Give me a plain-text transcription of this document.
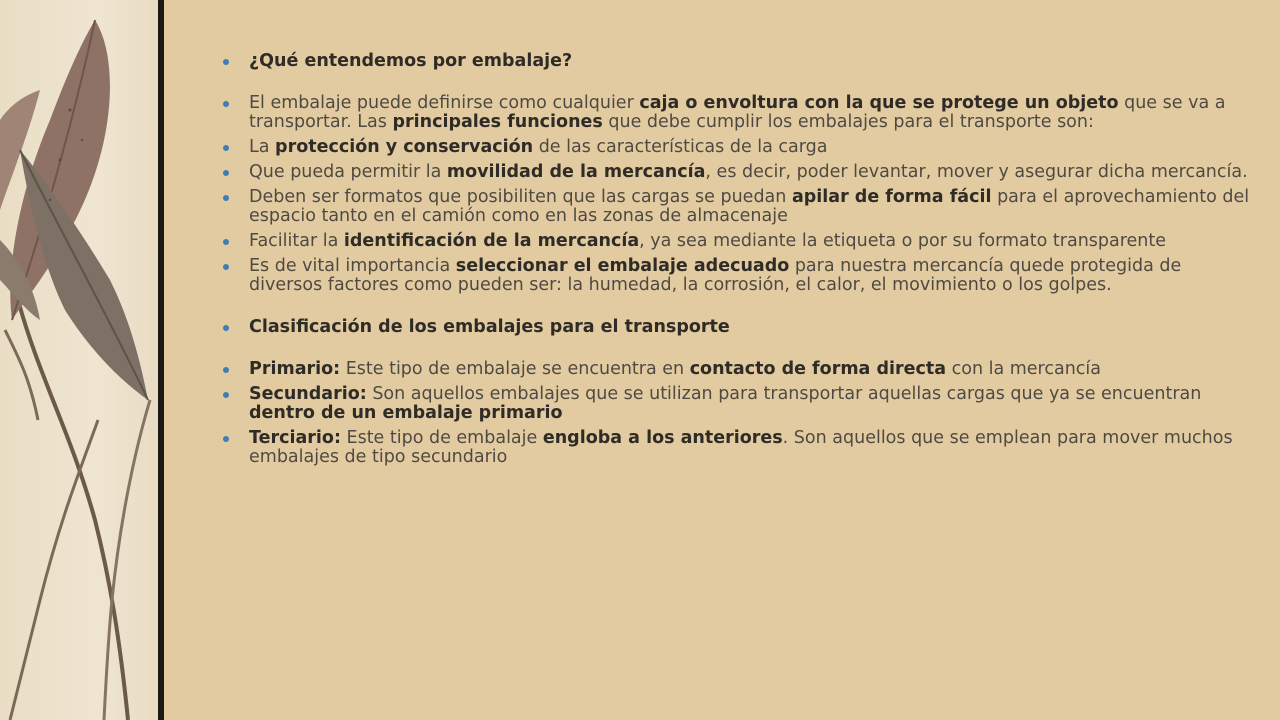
¿Qué entendemos por embalaje?

El embalaje puede definirse como cualquier caja o envoltura con la que se protege un objeto que se va a transportar. Las principales funciones que debe cumplir los embalajes para el transporte son:

La protección y conservación de las características de la carga

Que pueda permitir la movilidad de la mercancía, es decir, poder levantar, mover y asegurar dicha mercancía.

Deben ser formatos que posibiliten que las cargas se puedan apilar de forma fácil para el aprovechamiento del espacio tanto en el camión como en las zonas de almacenaje

Facilitar la identificación de la mercancía, ya sea mediante la etiqueta o por su formato transparente

Es de vital importancia seleccionar el embalaje adecuado para nuestra mercancía quede protegida de diversos factores como pueden ser: la humedad, la corrosión, el calor, el movimiento o los golpes.

Clasificación de los embalajes para el transporte

Primario: Este tipo de embalaje se encuentra en contacto de forma directa con la mercancía

Secundario: Son aquellos embalajes que se utilizan para transportar aquellas cargas que ya se encuentran dentro de un embalaje primario

Terciario: Este tipo de embalaje engloba a los anteriores. Son aquellos que se emplean para mover muchos embalajes de tipo secundario
